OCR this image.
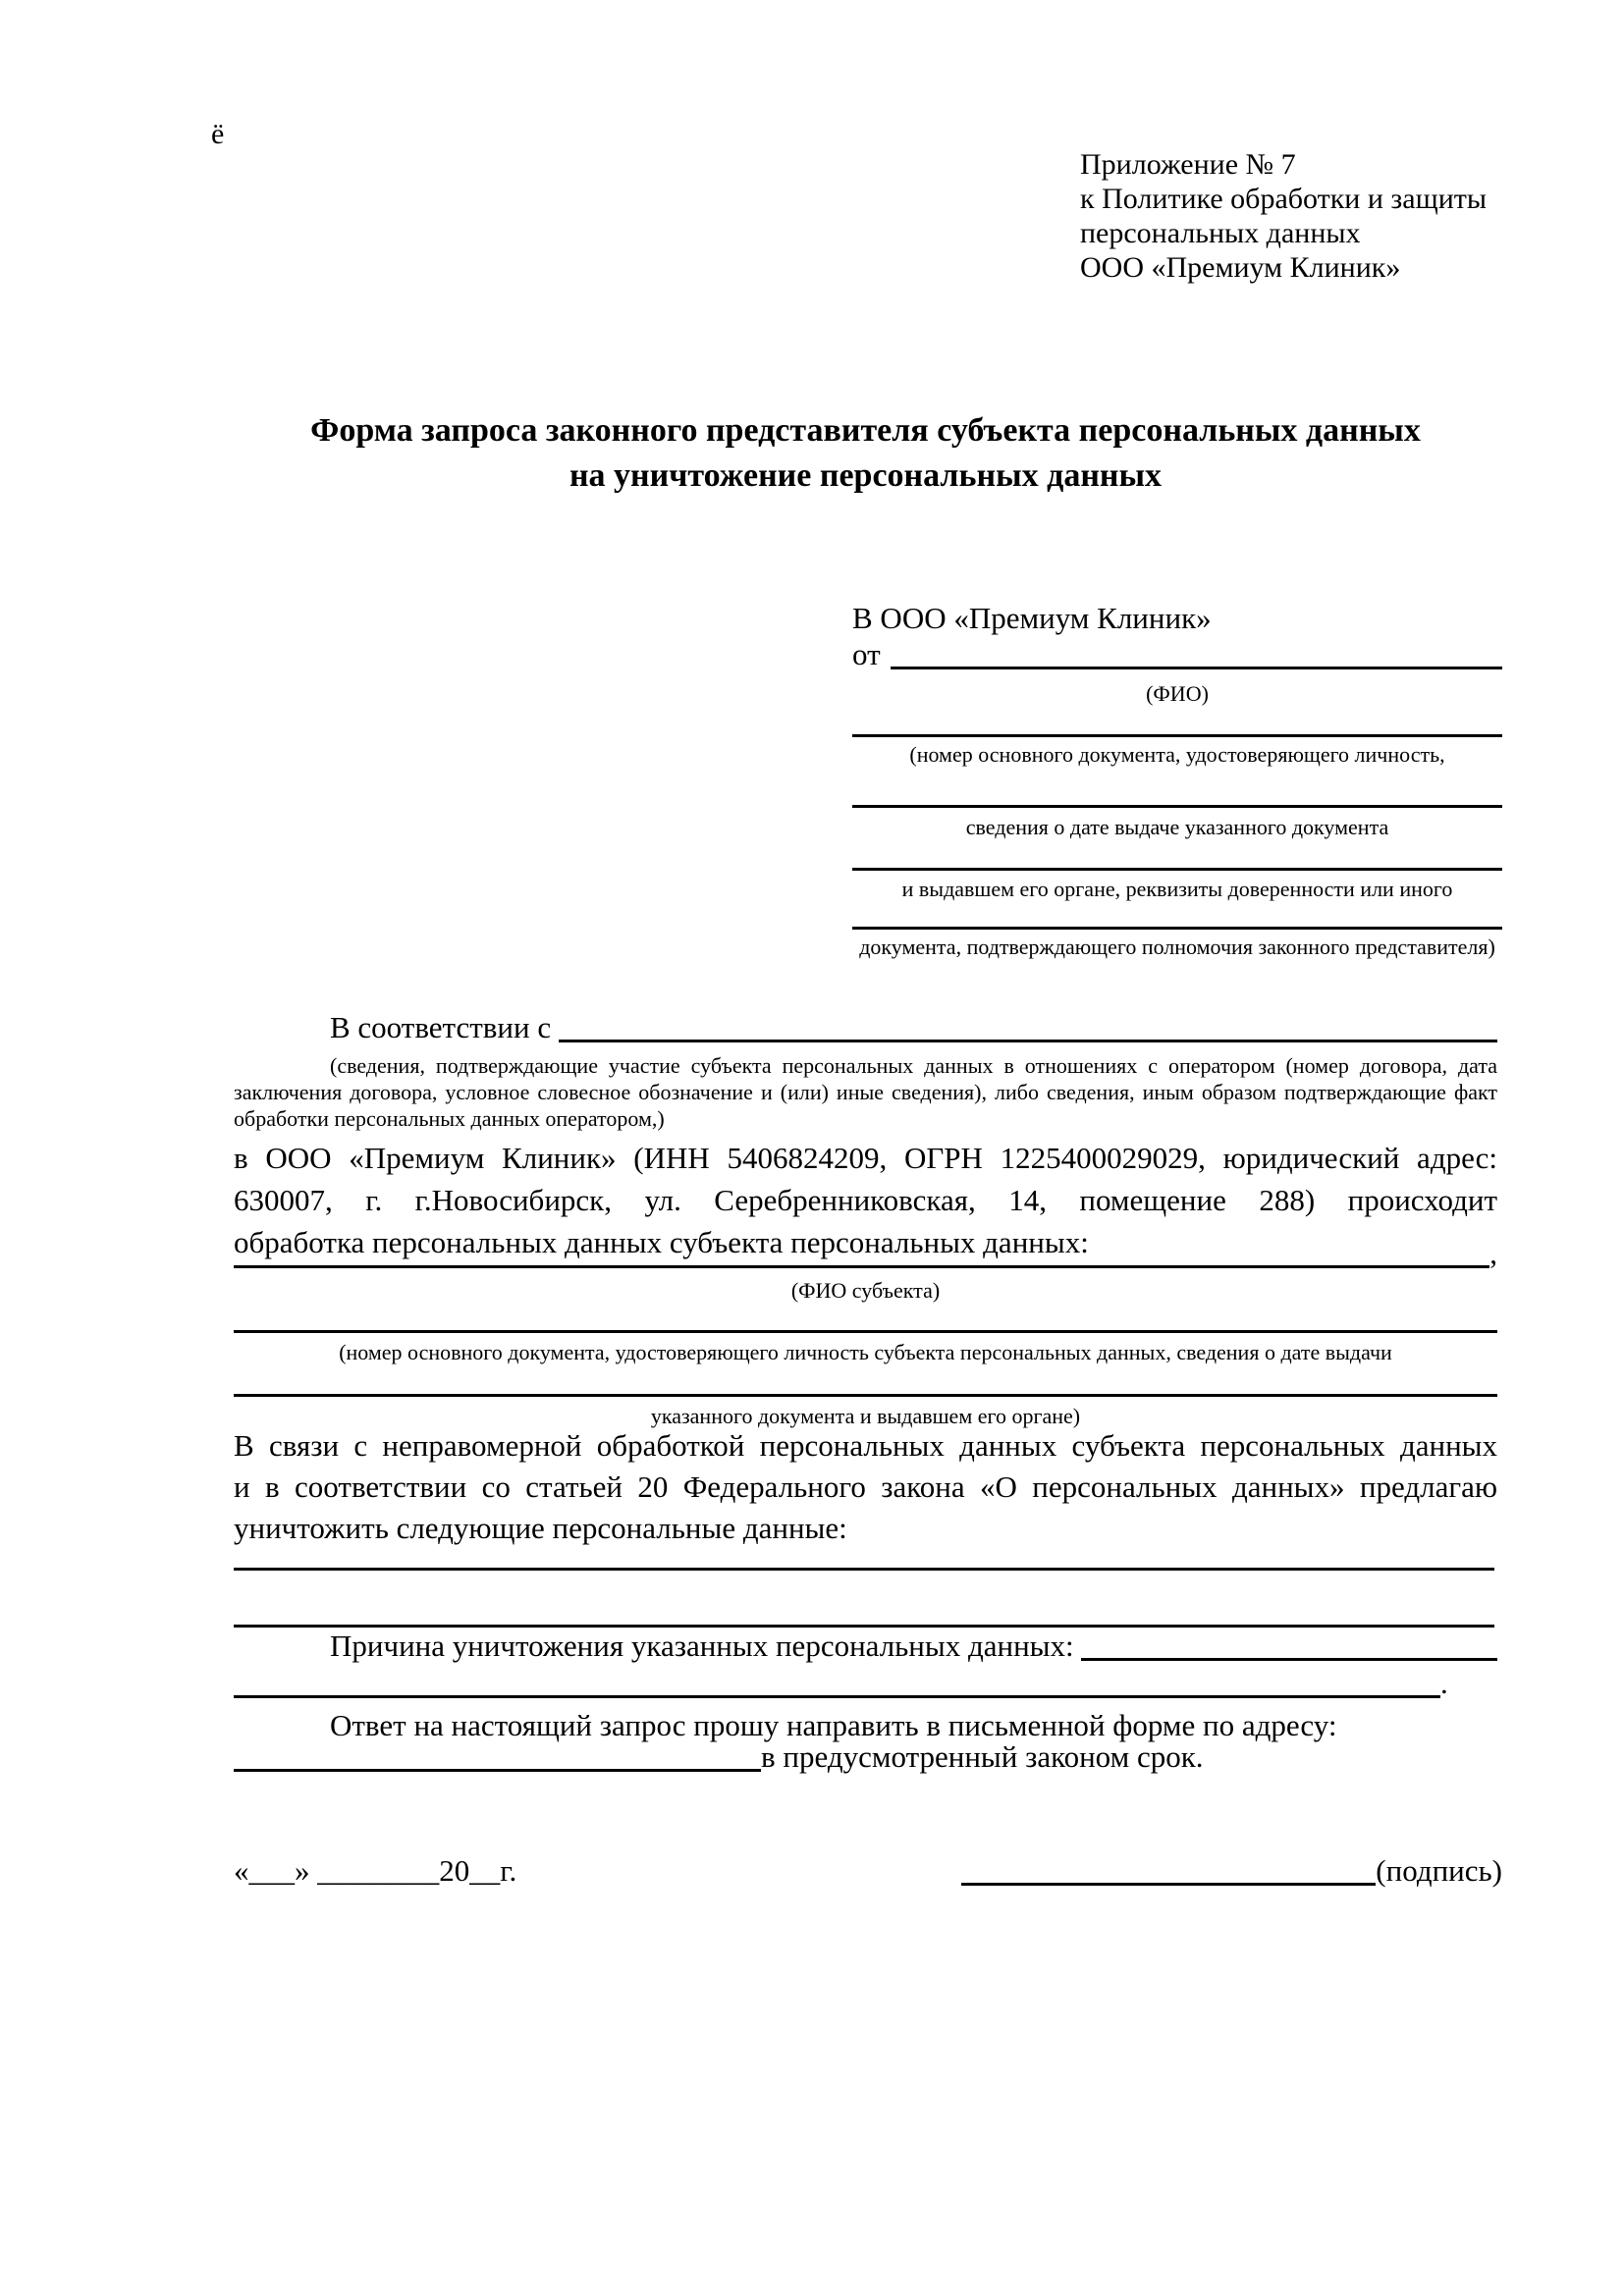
ё
Приложение № 7
к Политике обработки и защиты
персональных данных
ООО «Премиум Клиник»
Форма запроса законного представителя субъекта персональных данных
на уничтожение персональных данных
В ООО «Премиум Клиник»
от
(ФИО)
(номер основного документа, удостоверяющего личность,
сведения о дате выдаче указанного документа
и выдавшем его органе, реквизиты доверенности или иного
документа, подтверждающего полномочия законного представителя)
В соответствии с
(сведения, подтверждающие участие субъекта персональных данных в отношениях с оператором (номер договора, дата
заключения договора, условное словесное обозначение и (или) иные сведения), либо сведения, иным образом подтверждающие факт
обработки персональных данных оператором,)
в ООО «Премиум Клиник» (ИНН 5406824209, ОГРН 1225400029029, юридический адрес:
630007, г. г.Новосибирск, ул. Серебренниковская, 14, помещение 288) происходит
обработка персональных данных субъекта персональных данных:	,
(ФИО субъекта)
(номер основного документа, удостоверяющего личность субъекта персональных данных, сведения о дате выдачи
указанного документа и выдавшем его органе)
В связи с неправомерной обработкой персональных данных субъекта персональных данных
и в соответствии со статьей 20 Федерального закона «О персональных данных» предлагаю
уничтожить следующие персональные данные:
Причина уничтожения указанных персональных данных:
.
Ответ на настоящий запрос прошу направить в письменной форме по адресу:
в предусмотренный законом срок.
«___» ________20__г.	(подпись)
